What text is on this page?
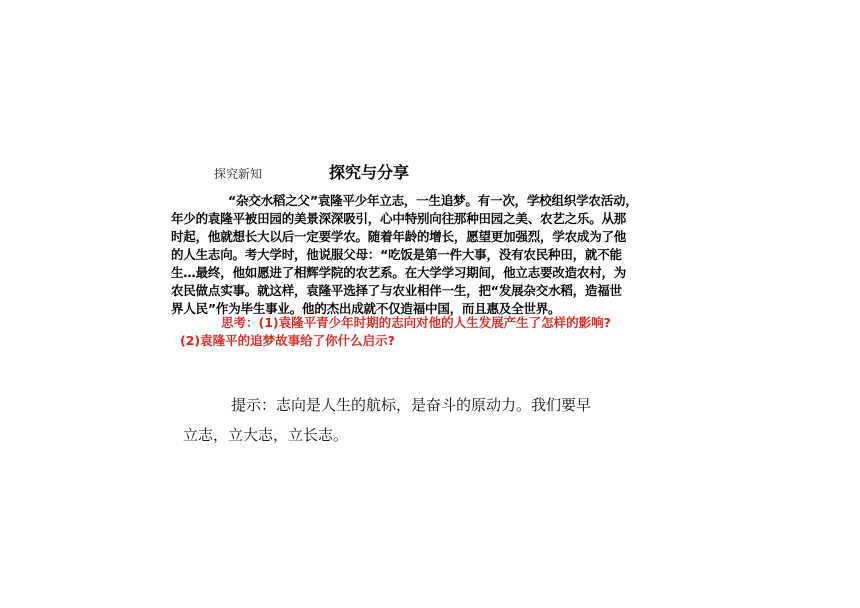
探究新知	探究与分享
“杂交水稻之父”袁隆平少年立志，一生追梦。有一次，学校组织学农活动，
年少的袁隆平被田园的美景深深吸引，心中特别向往那种田园之美、农艺之乐。从那
时起，他就想长大以后一定要学农。随着年龄的增长，愿望更加强烈，学农成为了他
的人生志向。考大学时，他说服父母：“吃饭是第一件大事，没有农民种田，就不能
生…最终，他如愿进了相辉学院的农艺系。在大学学习期间，他立志要改造农村，为
农民做点实事。就这样，袁隆平选择了与农业相伴一生，把“发展杂交水稻，造福世
界人民”作为毕生事业。他的杰出成就不仅造福中国，而且惠及全世界。
思考：(1)袁隆平青少年时期的志向对他的人生发展产生了怎样的影响?
(2)袁隆平的追梦故事给了你什么启示?
提示：志向是人生的航标，是奋斗的原动力。我们要早
立志，立大志，立长志。
